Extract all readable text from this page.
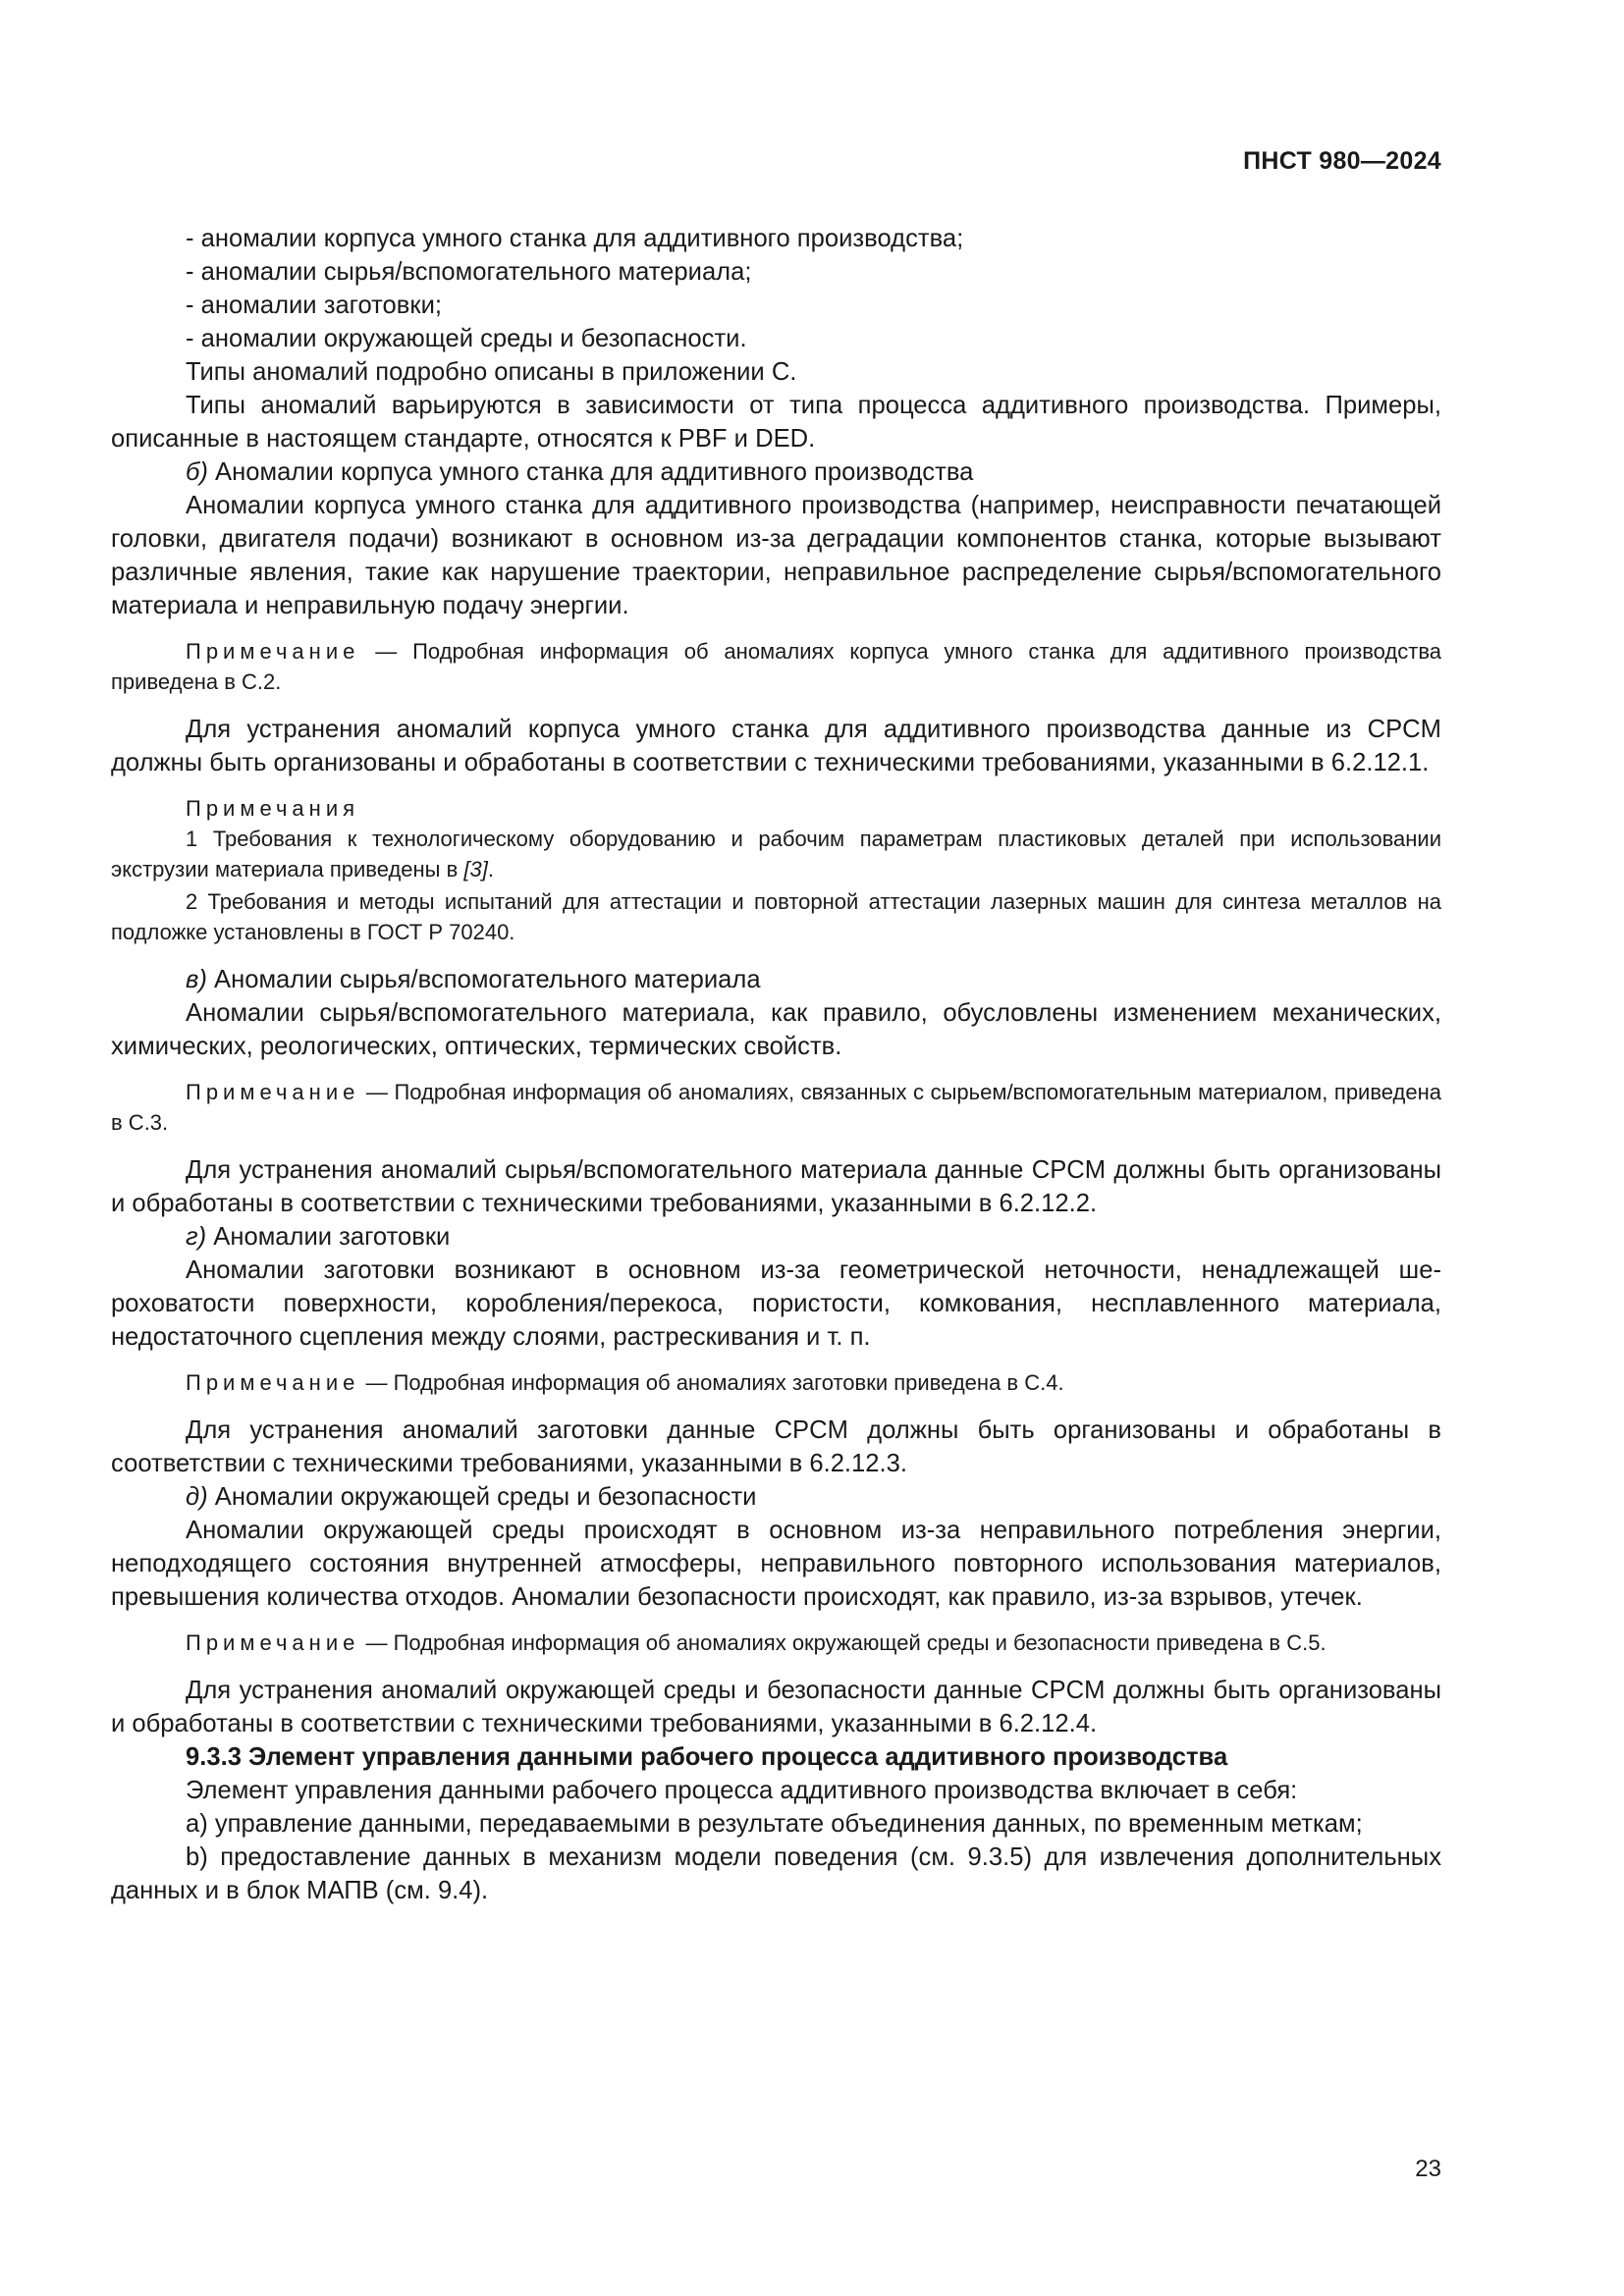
ПНСТ 980—2024

- аномалии корпуса умного станка для аддитивного производства;

- аномалии сырья/вспомогательного материала;

- аномалии заготовки;

- аномалии окружающей среды и безопасности.

Типы аномалий подробно описаны в приложении С.

Типы аномалий варьируются в зависимости от типа процесса аддитивного производства. Примеры, описанные в настоящем стандарте, относятся к PBF и DED.

б) Аномалии корпуса умного станка для аддитивного производства

Аномалии корпуса умного станка для аддитивного производства (например, неисправности печатающей головки, двигателя подачи) возникают в основном из-за деградации компонентов станка, которые вызывают различные явления, такие как нарушение траектории, неправильное распределение сырья/вспомогательного материала и неправильную подачу энергии.

Примечание — Подробная информация об аномалиях корпуса умного станка для аддитивного производства приведена в С.2.

Для устранения аномалий корпуса умного станка для аддитивного производства данные из CPCM должны быть организованы и обработаны в соответствии с техническими требованиями, указанными в 6.2.12.1.

Примечания

1 Требования к технологическому оборудованию и рабочим параметрам пластиковых деталей при использовании экструзии материала приведены в [3].

2 Требования и методы испытаний для аттестации и повторной аттестации лазерных машин для синтеза металлов на подложке установлены в ГОСТ Р 70240.

в) Аномалии сырья/вспомогательного материала

Аномалии сырья/вспомогательного материала, как правило, обусловлены изменением механических, химических, реологических, оптических, термических свойств.

Примечание — Подробная информация об аномалиях, связанных с сырьем/вспомогательным материалом, приведена в С.3.

Для устранения аномалий сырья/вспомогательного материала данные CPCM должны быть организованы и обработаны в соответствии с техническими требованиями, указанными в 6.2.12.2.

г) Аномалии заготовки

Аномалии заготовки возникают в основном из-за геометрической неточности, ненадлежащей шероховатости поверхности, коробления/перекоса, пористости, комкования, несплавленного материала, недостаточного сцепления между слоями, растрескивания и т. п.

Примечание — Подробная информация об аномалиях заготовки приведена в С.4.

Для устранения аномалий заготовки данные CPCM должны быть организованы и обработаны в соответствии с техническими требованиями, указанными в 6.2.12.3.

д) Аномалии окружающей среды и безопасности

Аномалии окружающей среды происходят в основном из-за неправильного потребления энергии, неподходящего состояния внутренней атмосферы, неправильного повторного использования материалов, превышения количества отходов. Аномалии безопасности происходят, как правило, из-за взрывов, утечек.

Примечание — Подробная информация об аномалиях окружающей среды и безопасности приведена в С.5.

Для устранения аномалий окружающей среды и безопасности данные CPCM должны быть организованы и обработаны в соответствии с техническими требованиями, указанными в 6.2.12.4.

9.3.3 Элемент управления данными рабочего процесса аддитивного производства

Элемент управления данными рабочего процесса аддитивного производства включает в себя:

а) управление данными, передаваемыми в результате объединения данных, по временным меткам;

b) предоставление данных в механизм модели поведения (см. 9.3.5) для извлечения дополнительных данных и в блок МАПВ (см. 9.4).

23
